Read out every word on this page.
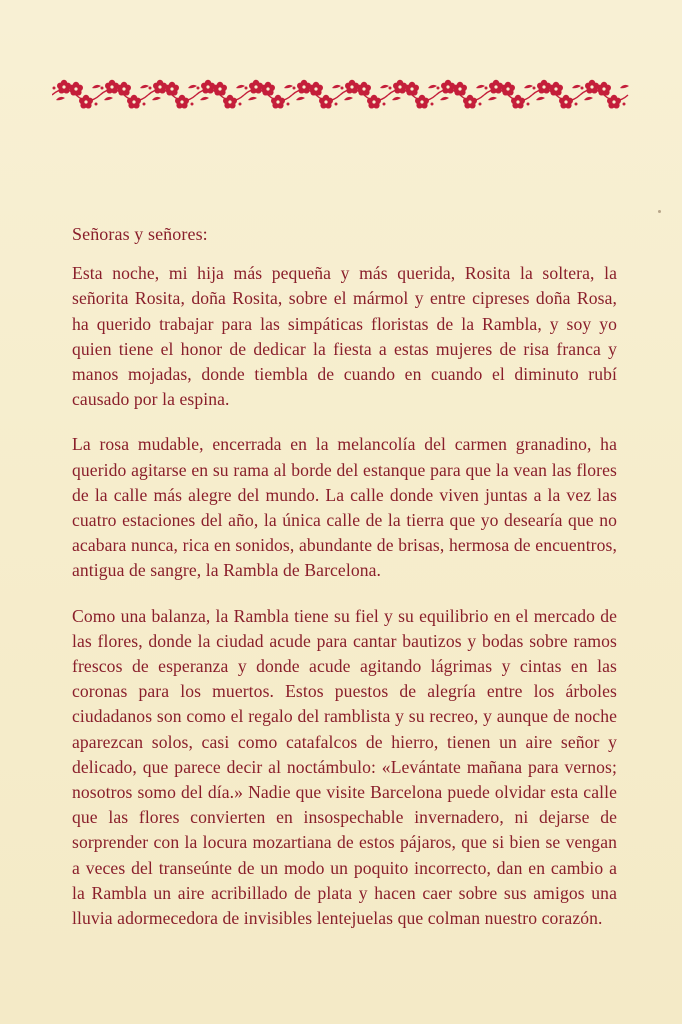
Señoras y señores:

Esta noche, mi hija más pequeña y más querida, Rosita la soltera, la señorita Rosita, doña Rosita, sobre el mármol y entre cipreses doña Rosa, ha querido trabajar para las simpáticas floristas de la Rambla, y soy yo quien tiene el honor de dedicar la fiesta a estas mujeres de risa franca y manos mojadas, donde tiembla de cuando en cuando el diminuto rubí causado por la espina.

La rosa mudable, encerrada en la melancolía del carmen granadino, ha querido agitarse en su rama al borde del estanque para que la vean las flores de la calle más alegre del mundo. La calle donde viven juntas a la vez las cuatro estaciones del año, la única calle de la tierra que yo desearía que no acabara nunca, rica en sonidos, abundante de brisas, hermosa de encuentros, antigua de sangre, la Rambla de Barcelona.

Como una balanza, la Rambla tiene su fiel y su equilibrio en el mercado de las flores, donde la ciudad acude para cantar bautizos y bodas sobre ramos frescos de esperanza y donde acude agitando lágrimas y cintas en las coronas para los muertos. Estos puestos de alegría entre los árboles ciudadanos son como el regalo del ramblista y su recreo, y aunque de noche aparezcan solos, casi como catafalcos de hierro, tienen un aire señor y delicado, que parece decir al noctámbulo: «Levántate mañana para vernos; nosotros somo del día.» Nadie que visite Barcelona puede olvidar esta calle que las flores convierten en insospechable invernadero, ni dejarse de sorprender con la locura mozartiana de estos pájaros, que si bien se vengan a veces del transeúnte de un modo un poquito incorrecto, dan en cambio a la Rambla un aire acribillado de plata y hacen caer sobre sus amigos una lluvia adormecedora de invisibles lentejuelas que colman nuestro corazón.
